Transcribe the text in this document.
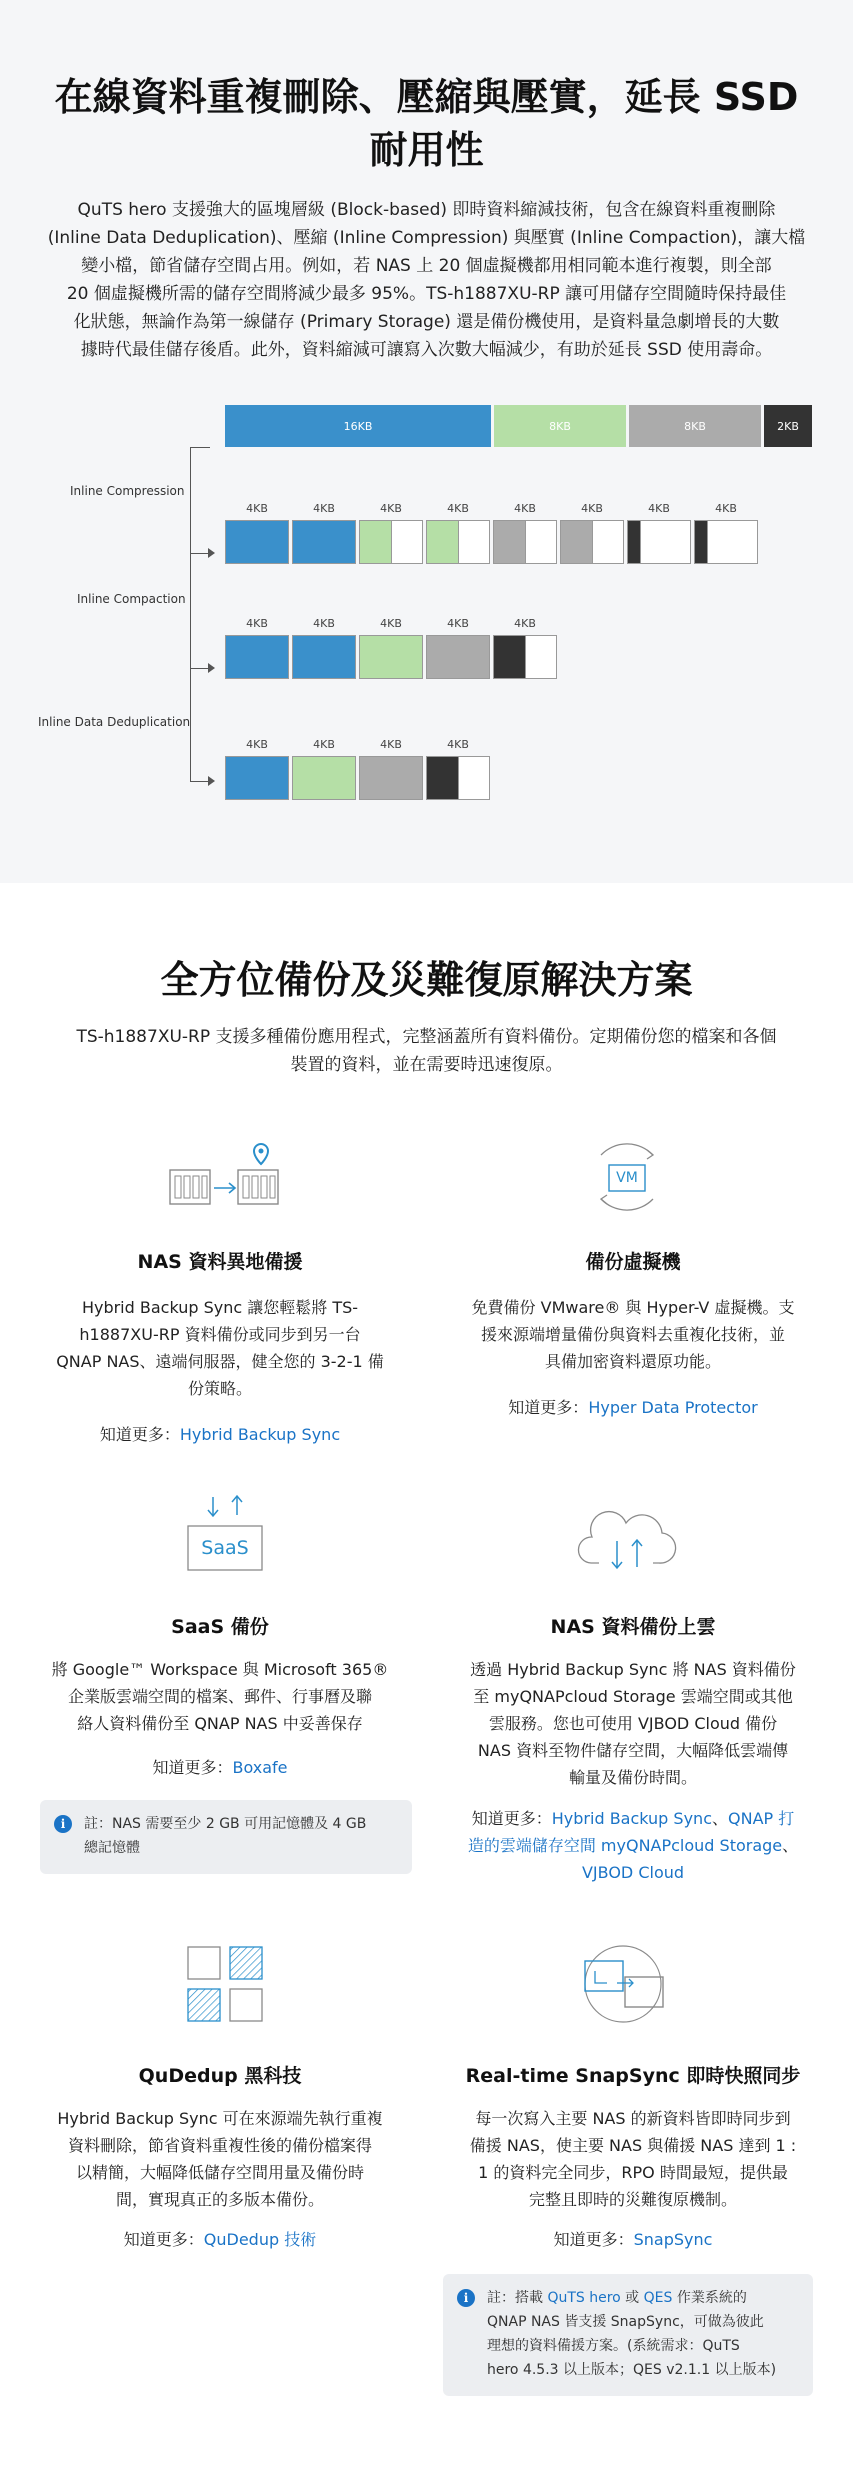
在線資料重複刪除、壓縮與壓實，延長 SSD
耐用性
QuTS hero 支援強大的區塊層級 (Block-based) 即時資料縮減技術，包含在線資料重複刪除
(Inline Data Deduplication)、壓縮 (Inline Compression) 與壓實 (Inline Compaction)，讓大檔
變小檔，節省儲存空間占用。例如，若 NAS 上 20 個虛擬機都用相同範本進行複製，則全部
20 個虛擬機所需的儲存空間將減少最多 95%。TS-h1887XU-RP 讓可用儲存空間隨時保持最佳
化狀態，無論作為第一線儲存 (Primary Storage) 還是備份機使用，是資料量急劇增長的大數
據時代最佳儲存後盾。此外，資料縮減可讓寫入次數大幅減少，有助於延長 SSD 使用壽命。
16KB	8KB	8KB	2KB
Inline Compression
Inline Compaction
Inline Data Deduplication
4KB	4KB	4KB	4KB	4KB	4KB	4KB	4KB
4KB	4KB	4KB	4KB	4KB
4KB	4KB	4KB	4KB
全方位備份及災難復原解決方案
TS-h1887XU-RP 支援多種備份應用程式，完整涵蓋所有資料備份。定期備份您的檔案和各個
裝置的資料，並在需要時迅速復原。
NAS 資料異地備援
Hybrid Backup Sync 讓您輕鬆將 TS-
h1887XU-RP 資料備份或同步到另一台
QNAP NAS、遠端伺服器，健全您的 3-2-1 備
份策略。
知道更多：Hybrid Backup Sync
VM
備份虛擬機
免費備份 VMware® 與 Hyper-V 虛擬機。支
援來源端增量備份與資料去重複化技術，並
具備加密資料還原功能。
知道更多：Hyper Data Protector
SaaS
SaaS 備份
將 Google™ Workspace 與 Microsoft 365®
企業版雲端空間的檔案、郵件、行事曆及聯
絡人資料備份至 QNAP NAS 中妥善保存
知道更多：Boxafe
i	註：NAS 需要至少 2 GB 可用記憶體及 4 GB
總記憶體
NAS 資料備份上雲
透過 Hybrid Backup Sync 將 NAS 資料備份
至 myQNAPcloud Storage 雲端空間或其他
雲服務。您也可使用 VJBOD Cloud 備份
NAS 資料至物件儲存空間，大幅降低雲端傳
輸量及備份時間。
知道更多：Hybrid Backup Sync、QNAP 打
造的雲端儲存空間 myQNAPcloud Storage、
VJBOD Cloud
QuDedup 黑科技
Hybrid Backup Sync 可在來源端先執行重複
資料刪除，節省資料重複性後的備份檔案得
以精簡，大幅降低儲存空間用量及備份時
間，實現真正的多版本備份。
知道更多：QuDedup 技術
Real-time SnapSync 即時快照同步
每一次寫入主要 NAS 的新資料皆即時同步到
備援 NAS，使主要 NAS 與備援 NAS 達到 1 :
1 的資料完全同步，RPO 時間最短，提供最
完整且即時的災難復原機制。
知道更多：SnapSync
i	註：搭載 QuTS hero 或 QES 作業系統的
QNAP NAS 皆支援 SnapSync，可做為彼此
理想的資料備援方案。(系統需求：QuTS
hero 4.5.3 以上版本；QES v2.1.1 以上版本)
